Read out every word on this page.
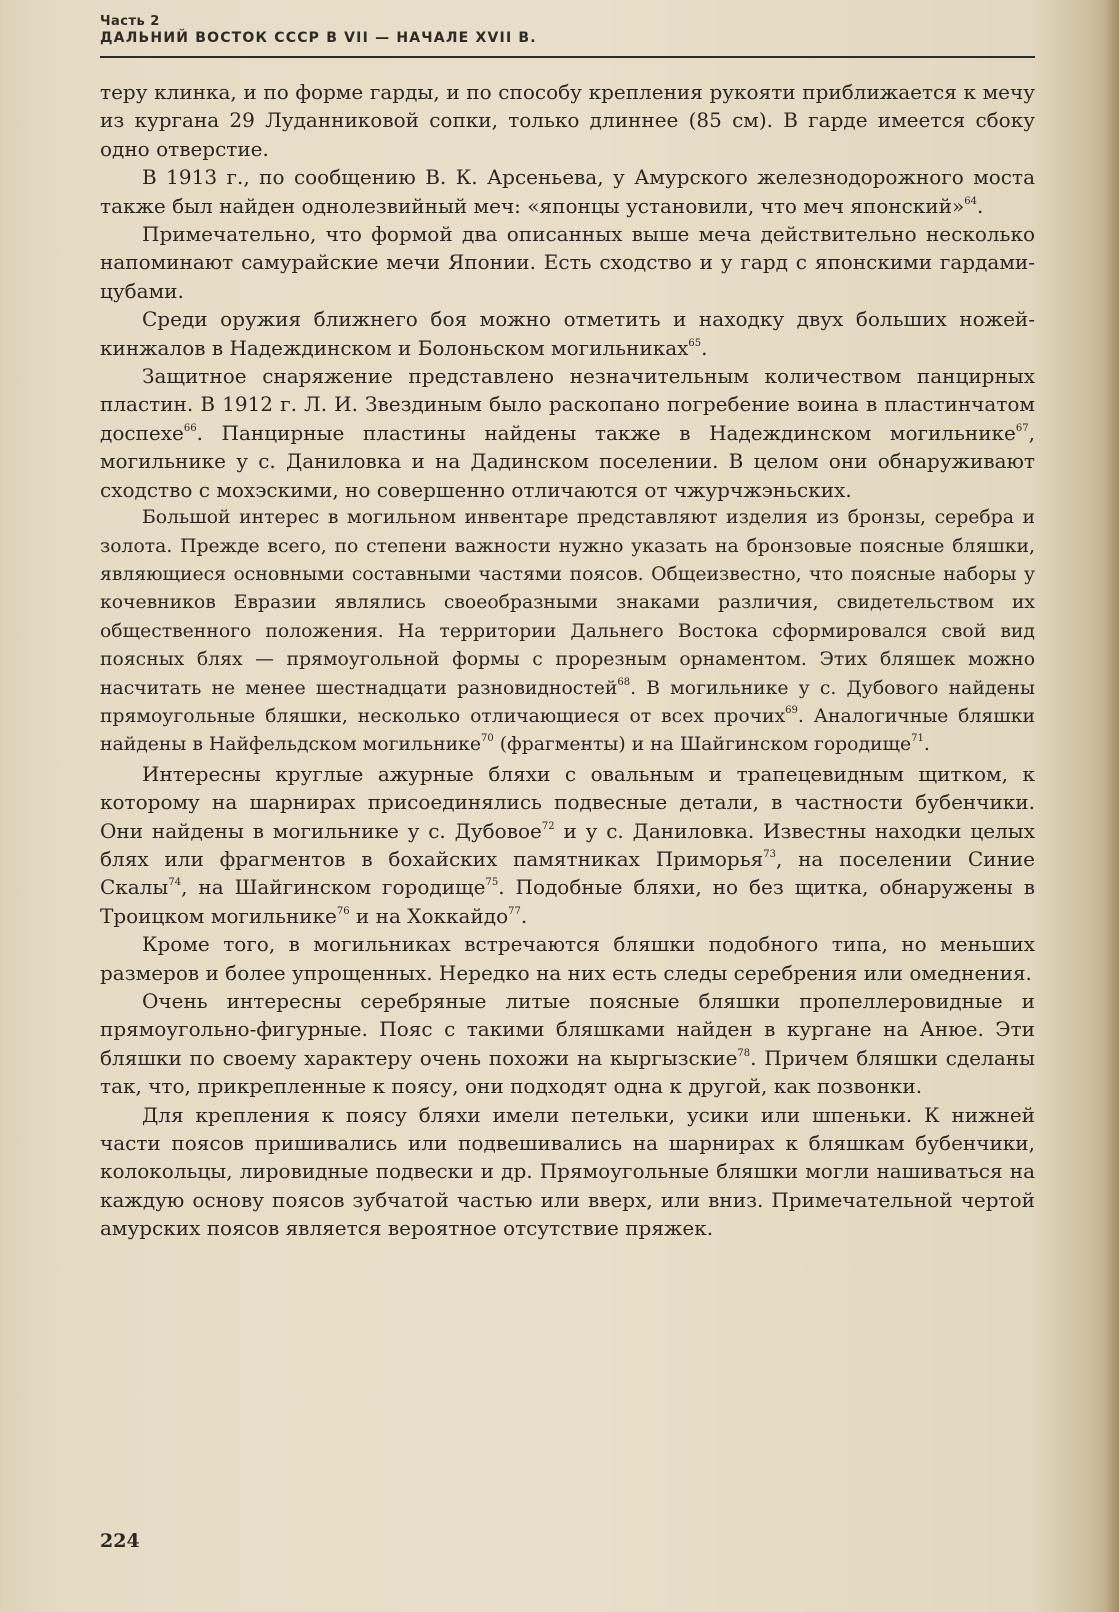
Часть 2
ДАЛЬНИЙ ВОСТОК СССР В VII — НАЧАЛЕ XVII В.

теру клинка, и по форме гарды, и по способу крепления рукояти приближается к мечу из кургана 29 Луданниковой сопки, только длиннее (85 см). В гарде имеется сбоку одно отверстие.

В 1913 г., по сообщению В. К. Арсеньева, у Амурского железнодорожного моста также был найден однолезвийный меч: «японцы установили, что меч японский»$^{64}$.

Примечательно, что формой два описанных выше меча действительно несколько напоминают самурайские мечи Японии. Есть сходство и у гард с японскими гардами-цубами.

Среди оружия ближнего боя можно отметить и находку двух больших ножей-кинжалов в Надеждинском и Болоньском могильниках$^{65}$.

Защитное снаряжение представлено незначительным количеством панцирных пластин. В 1912 г. Л. И. Звездиным было раскопано погребение воина в пластинчатом доспехе$^{66}$. Панцирные пластины найдены также в Надеждинском могильнике$^{67}$, могильнике у с. Даниловка и на Дадинском поселении. В целом они обнаруживают сходство с мохэскими, но совершенно отличаются от чжурчжэньских.

Большой интерес в могильном инвентаре представляют изделия из бронзы, серебра и золота. Прежде всего, по степени важности нужно указать на бронзовые поясные бляшки, являющиеся основными составными частями поясов. Общеизвестно, что поясные наборы у кочевников Евразии являлись своеобразными знаками различия, свидетельством их общественного положения. На территории Дальнего Востока сформировался свой вид поясных блях — прямоугольной формы с прорезным орнаментом. Этих бляшек можно насчитать не менее шестнадцати разновидностей$^{68}$. В могильнике у с. Дубового найдены прямоугольные бляшки, несколько отличающиеся от всех прочих$^{69}$. Аналогичные бляшки найдены в Найфельдском могильнике$^{70}$ (фрагменты) и на Шайгинском городище$^{71}$.

Интересны круглые ажурные бляхи с овальным и трапецевидным щитком, к которому на шарнирах присоединялись подвесные детали, в частности бубенчики. Они найдены в могильнике у с. Дубовое$^{72}$ и у с. Даниловка. Известны находки целых блях или фрагментов в бохайских памятниках Приморья$^{73}$, на поселении Синие Скалы$^{74}$, на Шайгинском городище$^{75}$. Подобные бляхи, но без щитка, обнаружены в Троицком могильнике$^{76}$ и на Хоккайдо$^{77}$.

Кроме того, в могильниках встречаются бляшки подобного типа, но меньших размеров и более упрощенных. Нередко на них есть следы серебрения или омеднения.

Очень интересны серебряные литые поясные бляшки пропеллеровидные и прямоугольно-фигурные. Пояс с такими бляшками найден в кургане на Анюе. Эти бляшки по своему характеру очень похожи на кыргызские$^{78}$. Причем бляшки сделаны так, что, прикрепленные к поясу, они подходят одна к другой, как позвонки.

Для крепления к поясу бляхи имели петельки, усики или шпеньки. К нижней части поясов пришивались или подвешивались на шарнирах к бляшкам бубенчики, колокольцы, лировидные подвески и др. Прямоугольные бляшки могли нашиваться на каждую основу поясов зубчатой частью или вверх, или вниз. Примечательной чертой амурских поясов является вероятное отсутствие пряжек.

224
